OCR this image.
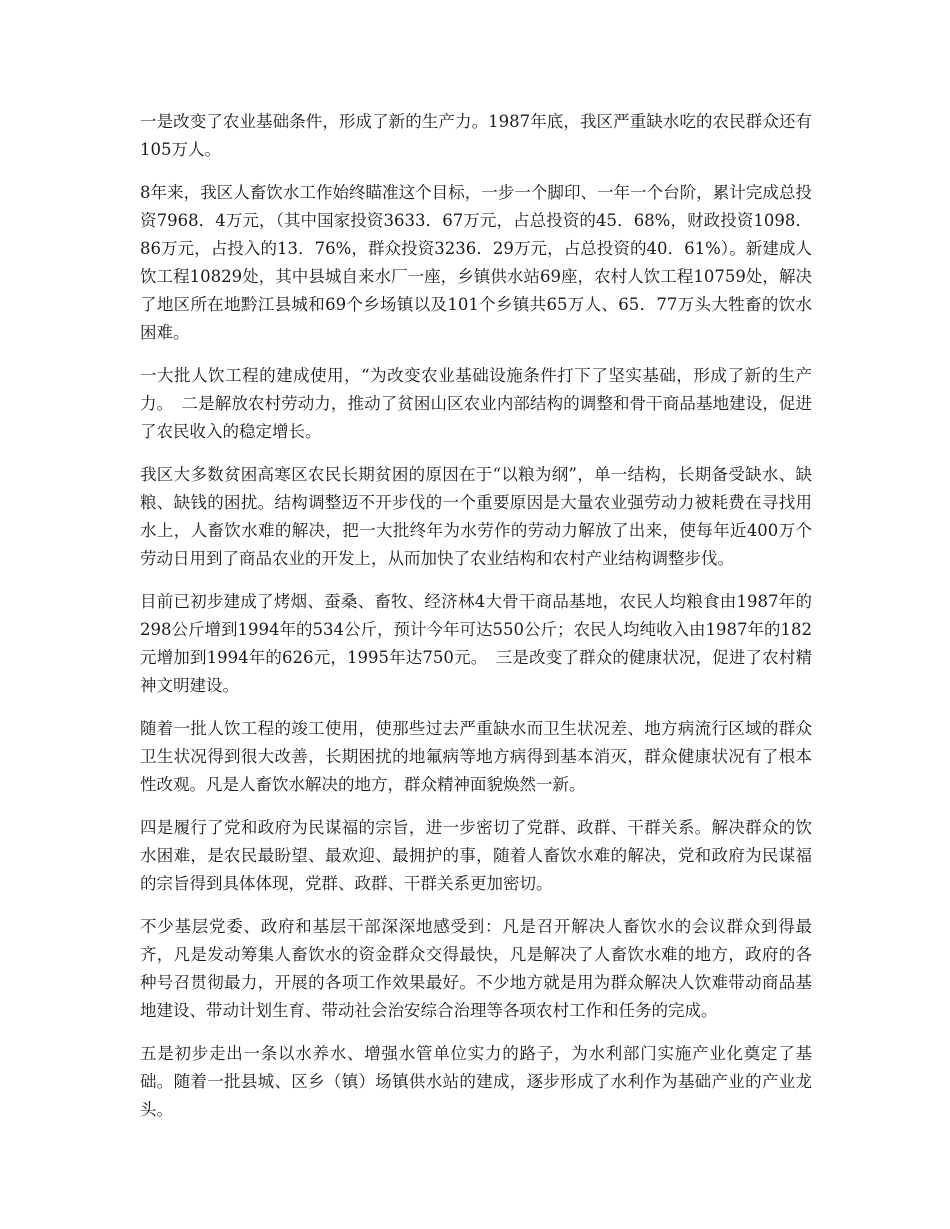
一是改变了农业基础条件，形成了新的生产力。1987年底，我区严重缺水吃的农民群众还有105万人。

8年来，我区人畜饮水工作始终瞄准这个目标，一步一个脚印、一年一个台阶，累计完成总投资7968．4万元，（其中国家投资3633．67万元，占总投资的45．68%，财政投资1098．86万元，占投入的13．76%，群众投资3236．29万元，占总投资的40．61%）。新建成人饮工程10829处，其中县城自来水厂一座，乡镇供水站69座，农村人饮工程10759处，解决了地区所在地黔江县城和69个乡场镇以及101个乡镇共65万人、65．77万头大牲畜的饮水困难。

一大批人饮工程的建成使用，“为改变农业基础设施条件打下了坚实基础，形成了新的生产力。　二是解放农村劳动力，推动了贫困山区农业内部结构的调整和骨干商品基地建设，促进了农民收入的稳定增长。

我区大多数贫困高寒区农民长期贫困的原因在于“以粮为纲”，单一结构，长期备受缺水、缺粮、缺钱的困扰。结构调整迈不开步伐的一个重要原因是大量农业强劳动力被耗费在寻找用水上，人畜饮水难的解决，把一大批终年为水劳作的劳动力解放了出来，使每年近400万个劳动日用到了商品农业的开发上，从而加快了农业结构和农村产业结构调整步伐。

目前已初步建成了烤烟、蚕桑、畜牧、经济林4大骨干商品基地，农民人均粮食由1987年的298公斤增到1994年的534公斤，预计今年可达550公斤；农民人均纯收入由1987年的182元增加到1994年的626元，1995年达750元。　三是改变了群众的健康状况，促进了农村精神文明建设。

随着一批人饮工程的竣工使用，使那些过去严重缺水而卫生状况差、地方病流行区域的群众卫生状况得到很大改善，长期困扰的地氟病等地方病得到基本消灭，群众健康状况有了根本性改观。凡是人畜饮水解决的地方，群众精神面貌焕然一新。

四是履行了党和政府为民谋福的宗旨，进一步密切了党群、政群、干群关系。解决群众的饮水困难，是农民最盼望、最欢迎、最拥护的事，随着人畜饮水难的解决，党和政府为民谋福的宗旨得到具体体现，党群、政群、干群关系更加密切。

不少基层党委、政府和基层干部深深地感受到：凡是召开解决人畜饮水的会议群众到得最齐，凡是发动筹集人畜饮水的资金群众交得最快，凡是解决了人畜饮水难的地方，政府的各种号召贯彻最力，开展的各项工作效果最好。不少地方就是用为群众解决人饮难带动商品基地建设、带动计划生育、带动社会治安综合治理等各项农村工作和任务的完成。

五是初步走出一条以水养水、增强水管单位实力的路子，为水利部门实施产业化奠定了基础。随着一批县城、区乡（镇）场镇供水站的建成，逐步形成了水利作为基础产业的产业龙头。
